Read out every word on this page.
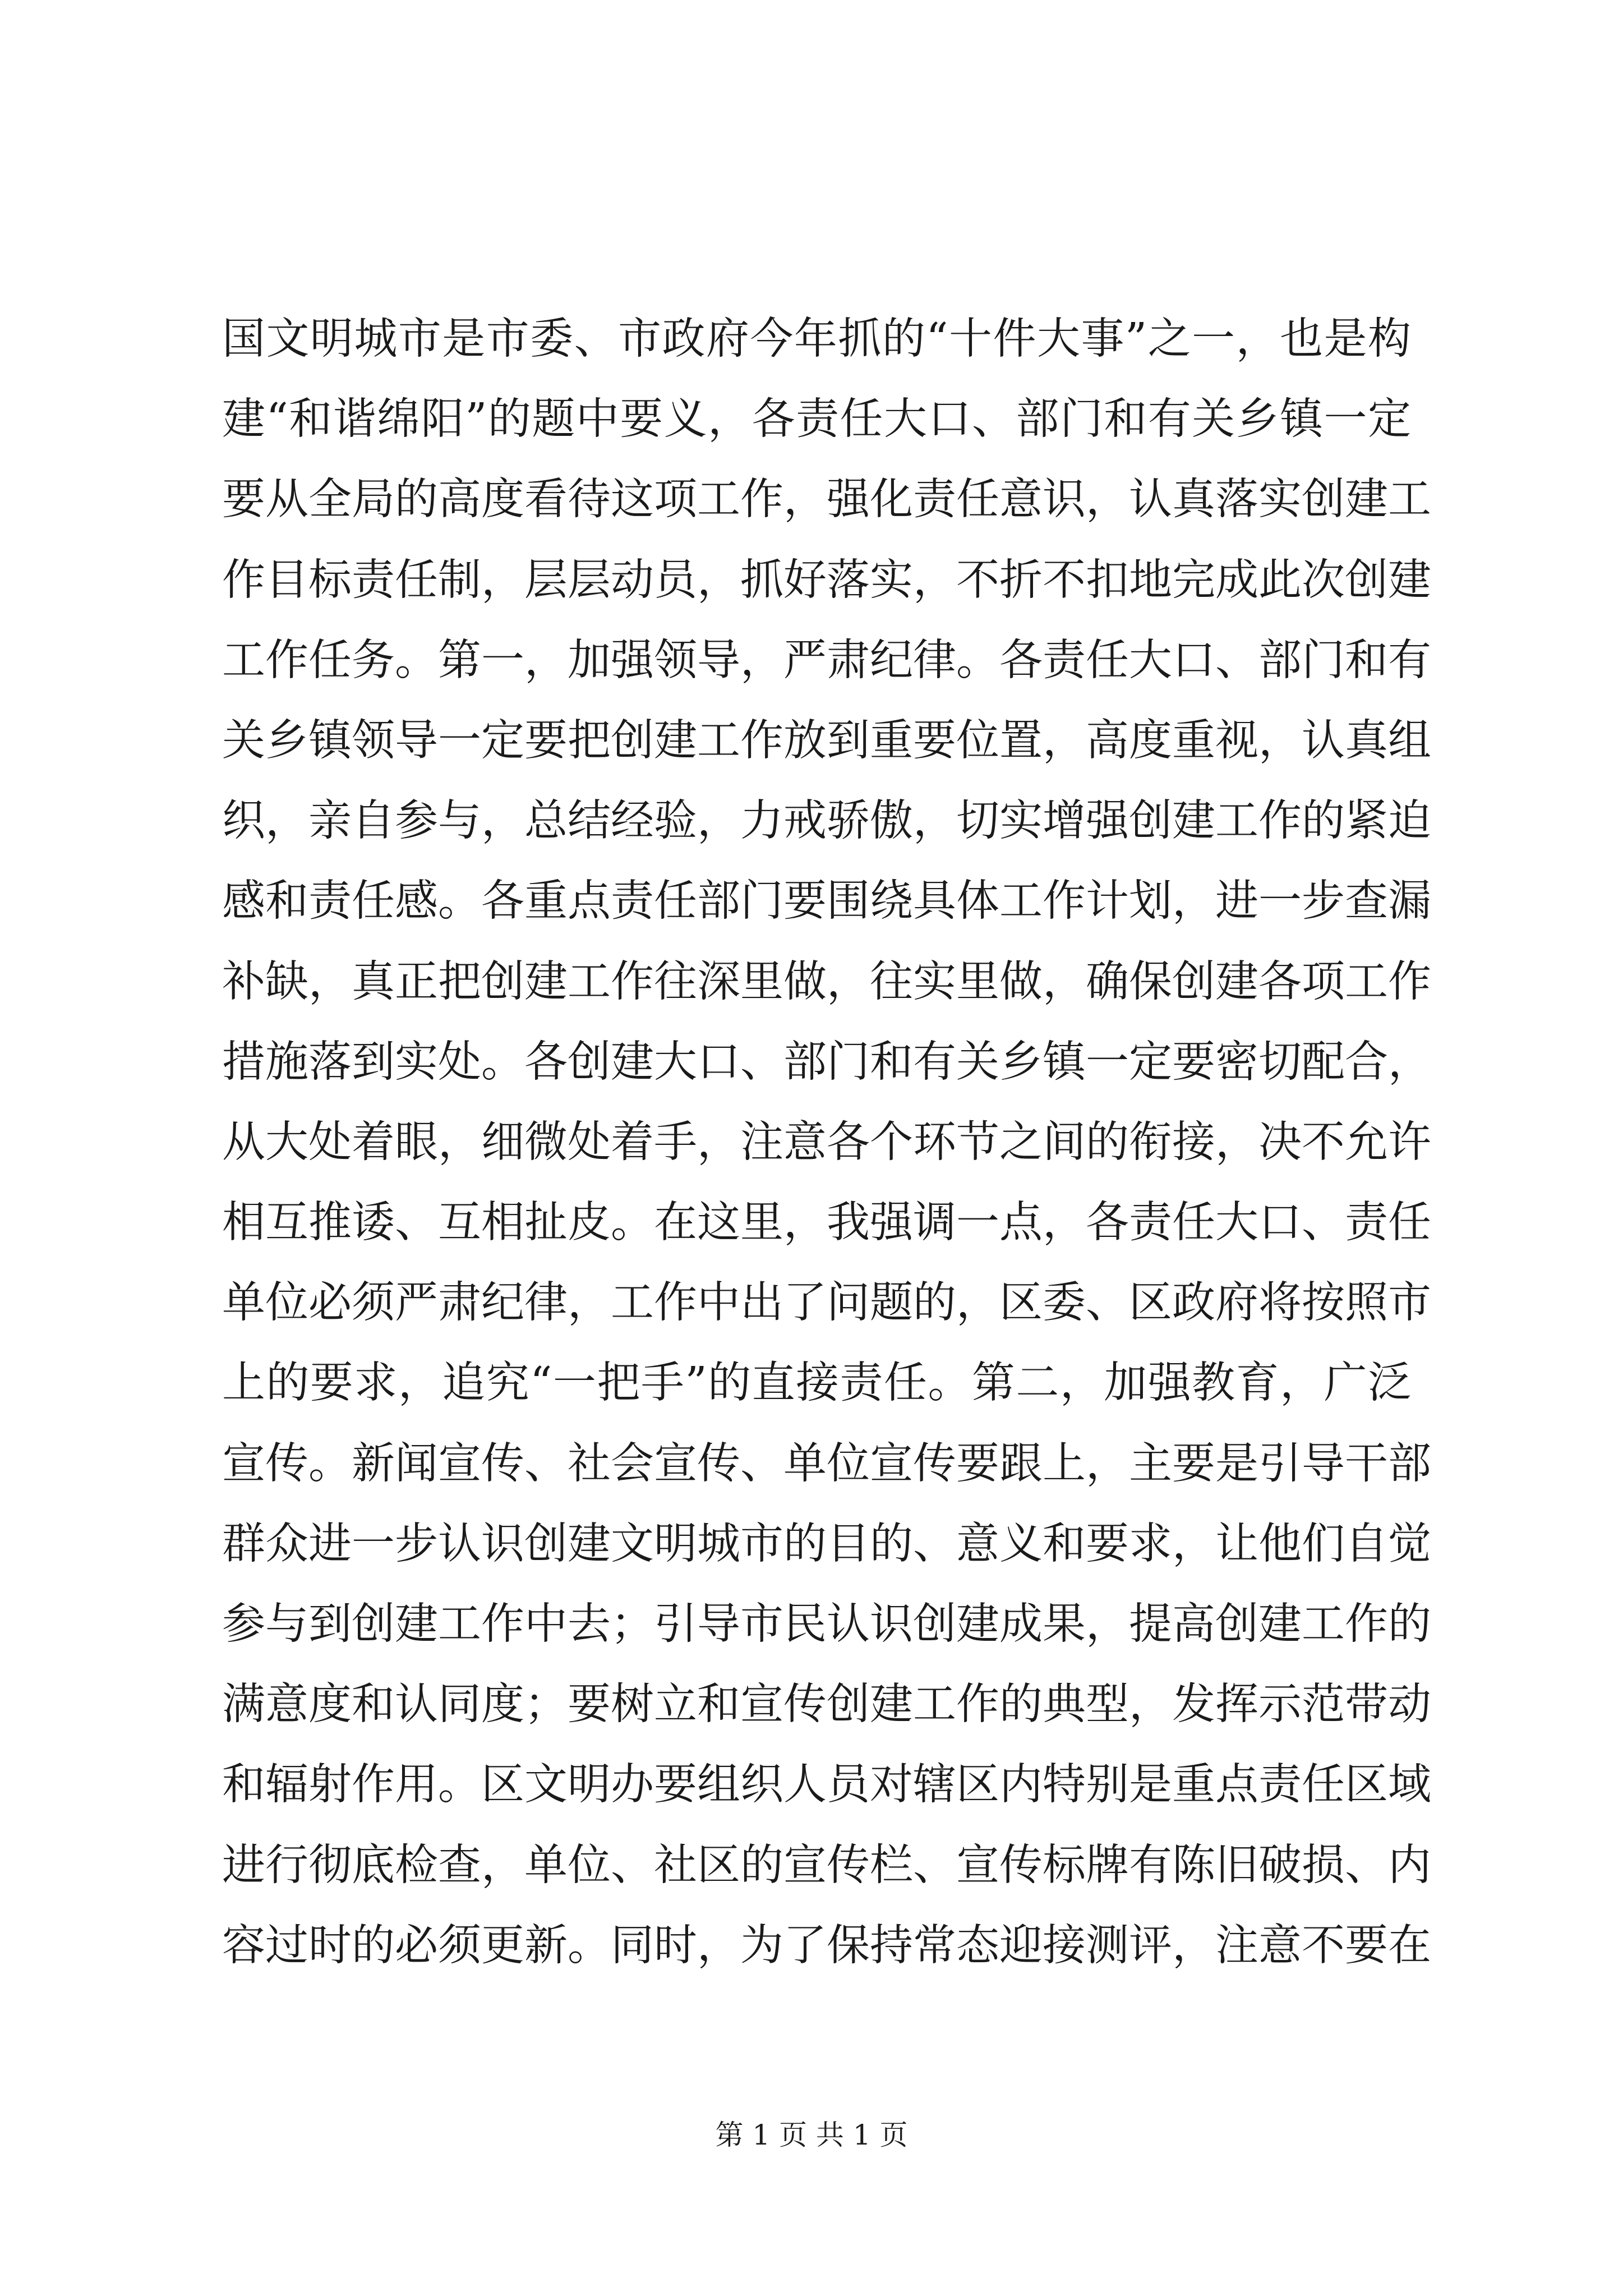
国文明城市是市委、市政府今年抓的“十件大事”之一，也是构
建“和谐绵阳”的题中要义，各责任大口、部门和有关乡镇一定
要从全局的高度看待这项工作，强化责任意识，认真落实创建工
作目标责任制，层层动员，抓好落实，不折不扣地完成此次创建
工作任务。第一，加强领导，严肃纪律。各责任大口、部门和有
关乡镇领导一定要把创建工作放到重要位置，高度重视，认真组
织，亲自参与，总结经验，力戒骄傲，切实增强创建工作的紧迫
感和责任感。各重点责任部门要围绕具体工作计划，进一步查漏
补缺，真正把创建工作往深里做，往实里做，确保创建各项工作
措施落到实处。各创建大口、部门和有关乡镇一定要密切配合，
从大处着眼，细微处着手，注意各个环节之间的衔接，决不允许
相互推诿、互相扯皮。在这里，我强调一点，各责任大口、责任
单位必须严肃纪律，工作中出了问题的，区委、区政府将按照市
上的要求，追究“一把手”的直接责任。第二，加强教育，广泛
宣传。新闻宣传、社会宣传、单位宣传要跟上，主要是引导干部
群众进一步认识创建文明城市的目的、意义和要求，让他们自觉
参与到创建工作中去；引导市民认识创建成果，提高创建工作的
满意度和认同度；要树立和宣传创建工作的典型，发挥示范带动
和辐射作用。区文明办要组织人员对辖区内特别是重点责任区域
进行彻底检查，单位、社区的宣传栏、宣传标牌有陈旧破损、内
容过时的必须更新。同时，为了保持常态迎接测评，注意不要在
第 1 页 共 1 页
